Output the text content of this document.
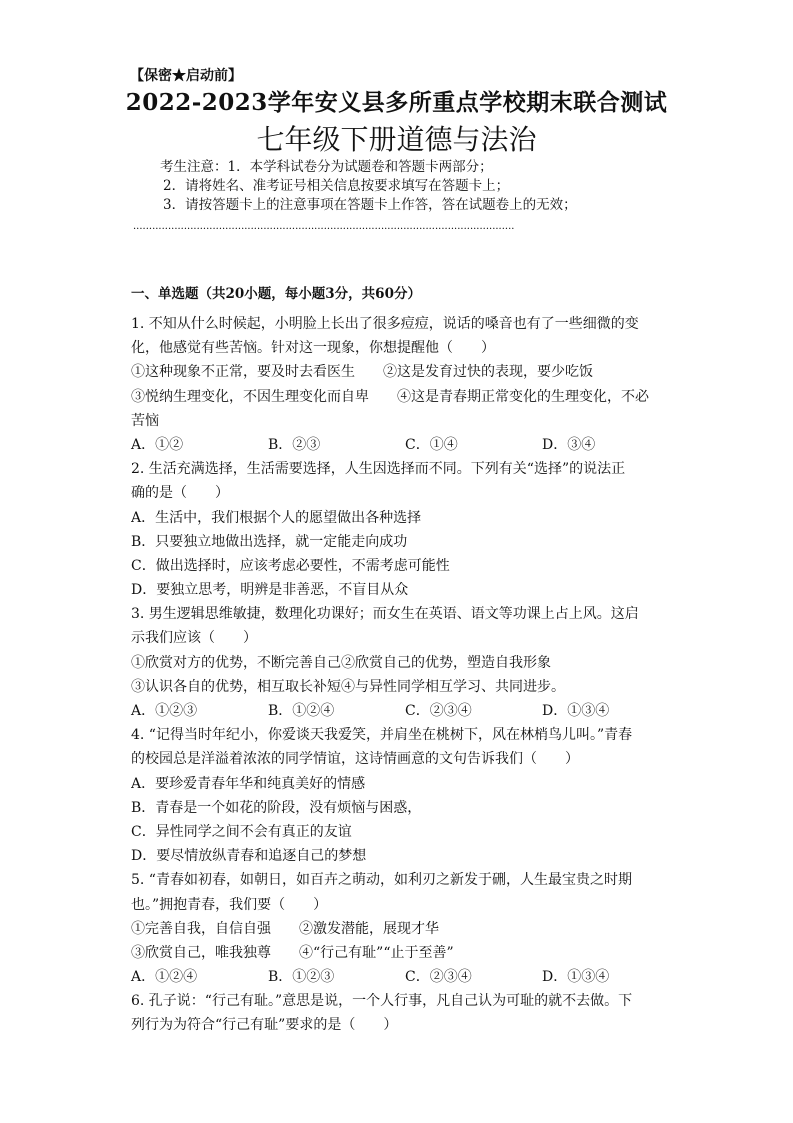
【保密★启动前】
2022-2023学年安义县多所重点学校期末联合测试
七年级下册道德与法治
考生注意：1．本学科试卷分为试题卷和答题卡两部分；
2．请将姓名、准考证号相关信息按要求填写在答题卡上；
3．请按答题卡上的注意事项在答题卡上作答，答在试题卷上的无效；
························································································································
一、单选题（共20小题，每小题3分，共60分）
1. 不知从什么时候起，小明脸上长出了很多痘痘，说话的嗓音也有了一些细微的变
化，他感觉有些苦恼。针对这一现象，你想提醒他（　　）
①这种现象不正常，要及时去看医生　　②这是发育过快的表现，要少吃饭
③悦纳生理变化，不因生理变化而自卑　　④这是青春期正常变化的生理变化，不必
苦恼
A．①②	B．②③	C．①④	D．③④
2. 生活充满选择，生活需要选择，人生因选择而不同。下列有关“选择”的说法正
确的是（　　）
A．生活中，我们根据个人的愿望做出各种选择
B．只要独立地做出选择，就一定能走向成功
C．做出选择时，应该考虑必要性，不需考虑可能性
D．要独立思考，明辨是非善恶，不盲目从众
3. 男生逻辑思维敏捷，数理化功课好；而女生在英语、语文等功课上占上风。这启
示我们应该（　　）
①欣赏对方的优势，不断完善自己②欣赏自己的优势，塑造自我形象
③认识各自的优势，相互取长补短④与异性同学相互学习、共同进步。
A．①②③	B．①②④	C．②③④	D．①③④
4. “记得当时年纪小，你爱谈天我爱笑，并肩坐在桃树下，风在林梢鸟儿叫。”青春
的校园总是洋溢着浓浓的同学情谊，这诗情画意的文句告诉我们（　　）
A．要珍爱青春年华和纯真美好的情感
B．青春是一个如花的阶段，没有烦恼与困惑，
C．异性同学之间不会有真正的友谊
D．要尽情放纵青春和追逐自己的梦想
5. “青春如初春，如朝日，如百卉之萌动，如利刃之新发于硎，人生最宝贵之时期
也。”拥抱青春，我们要（　　）
①完善自我，自信自强　　②激发潜能，展现才华
③欣赏自己，唯我独尊　　④“行己有耻”“止于至善”
A．①②④	B．①②③	C．②③④	D．①③④
6. 孔子说：“行己有耻。”意思是说，一个人行事，凡自己认为可耻的就不去做。下
列行为为符合“行己有耻”要求的是（　　）
